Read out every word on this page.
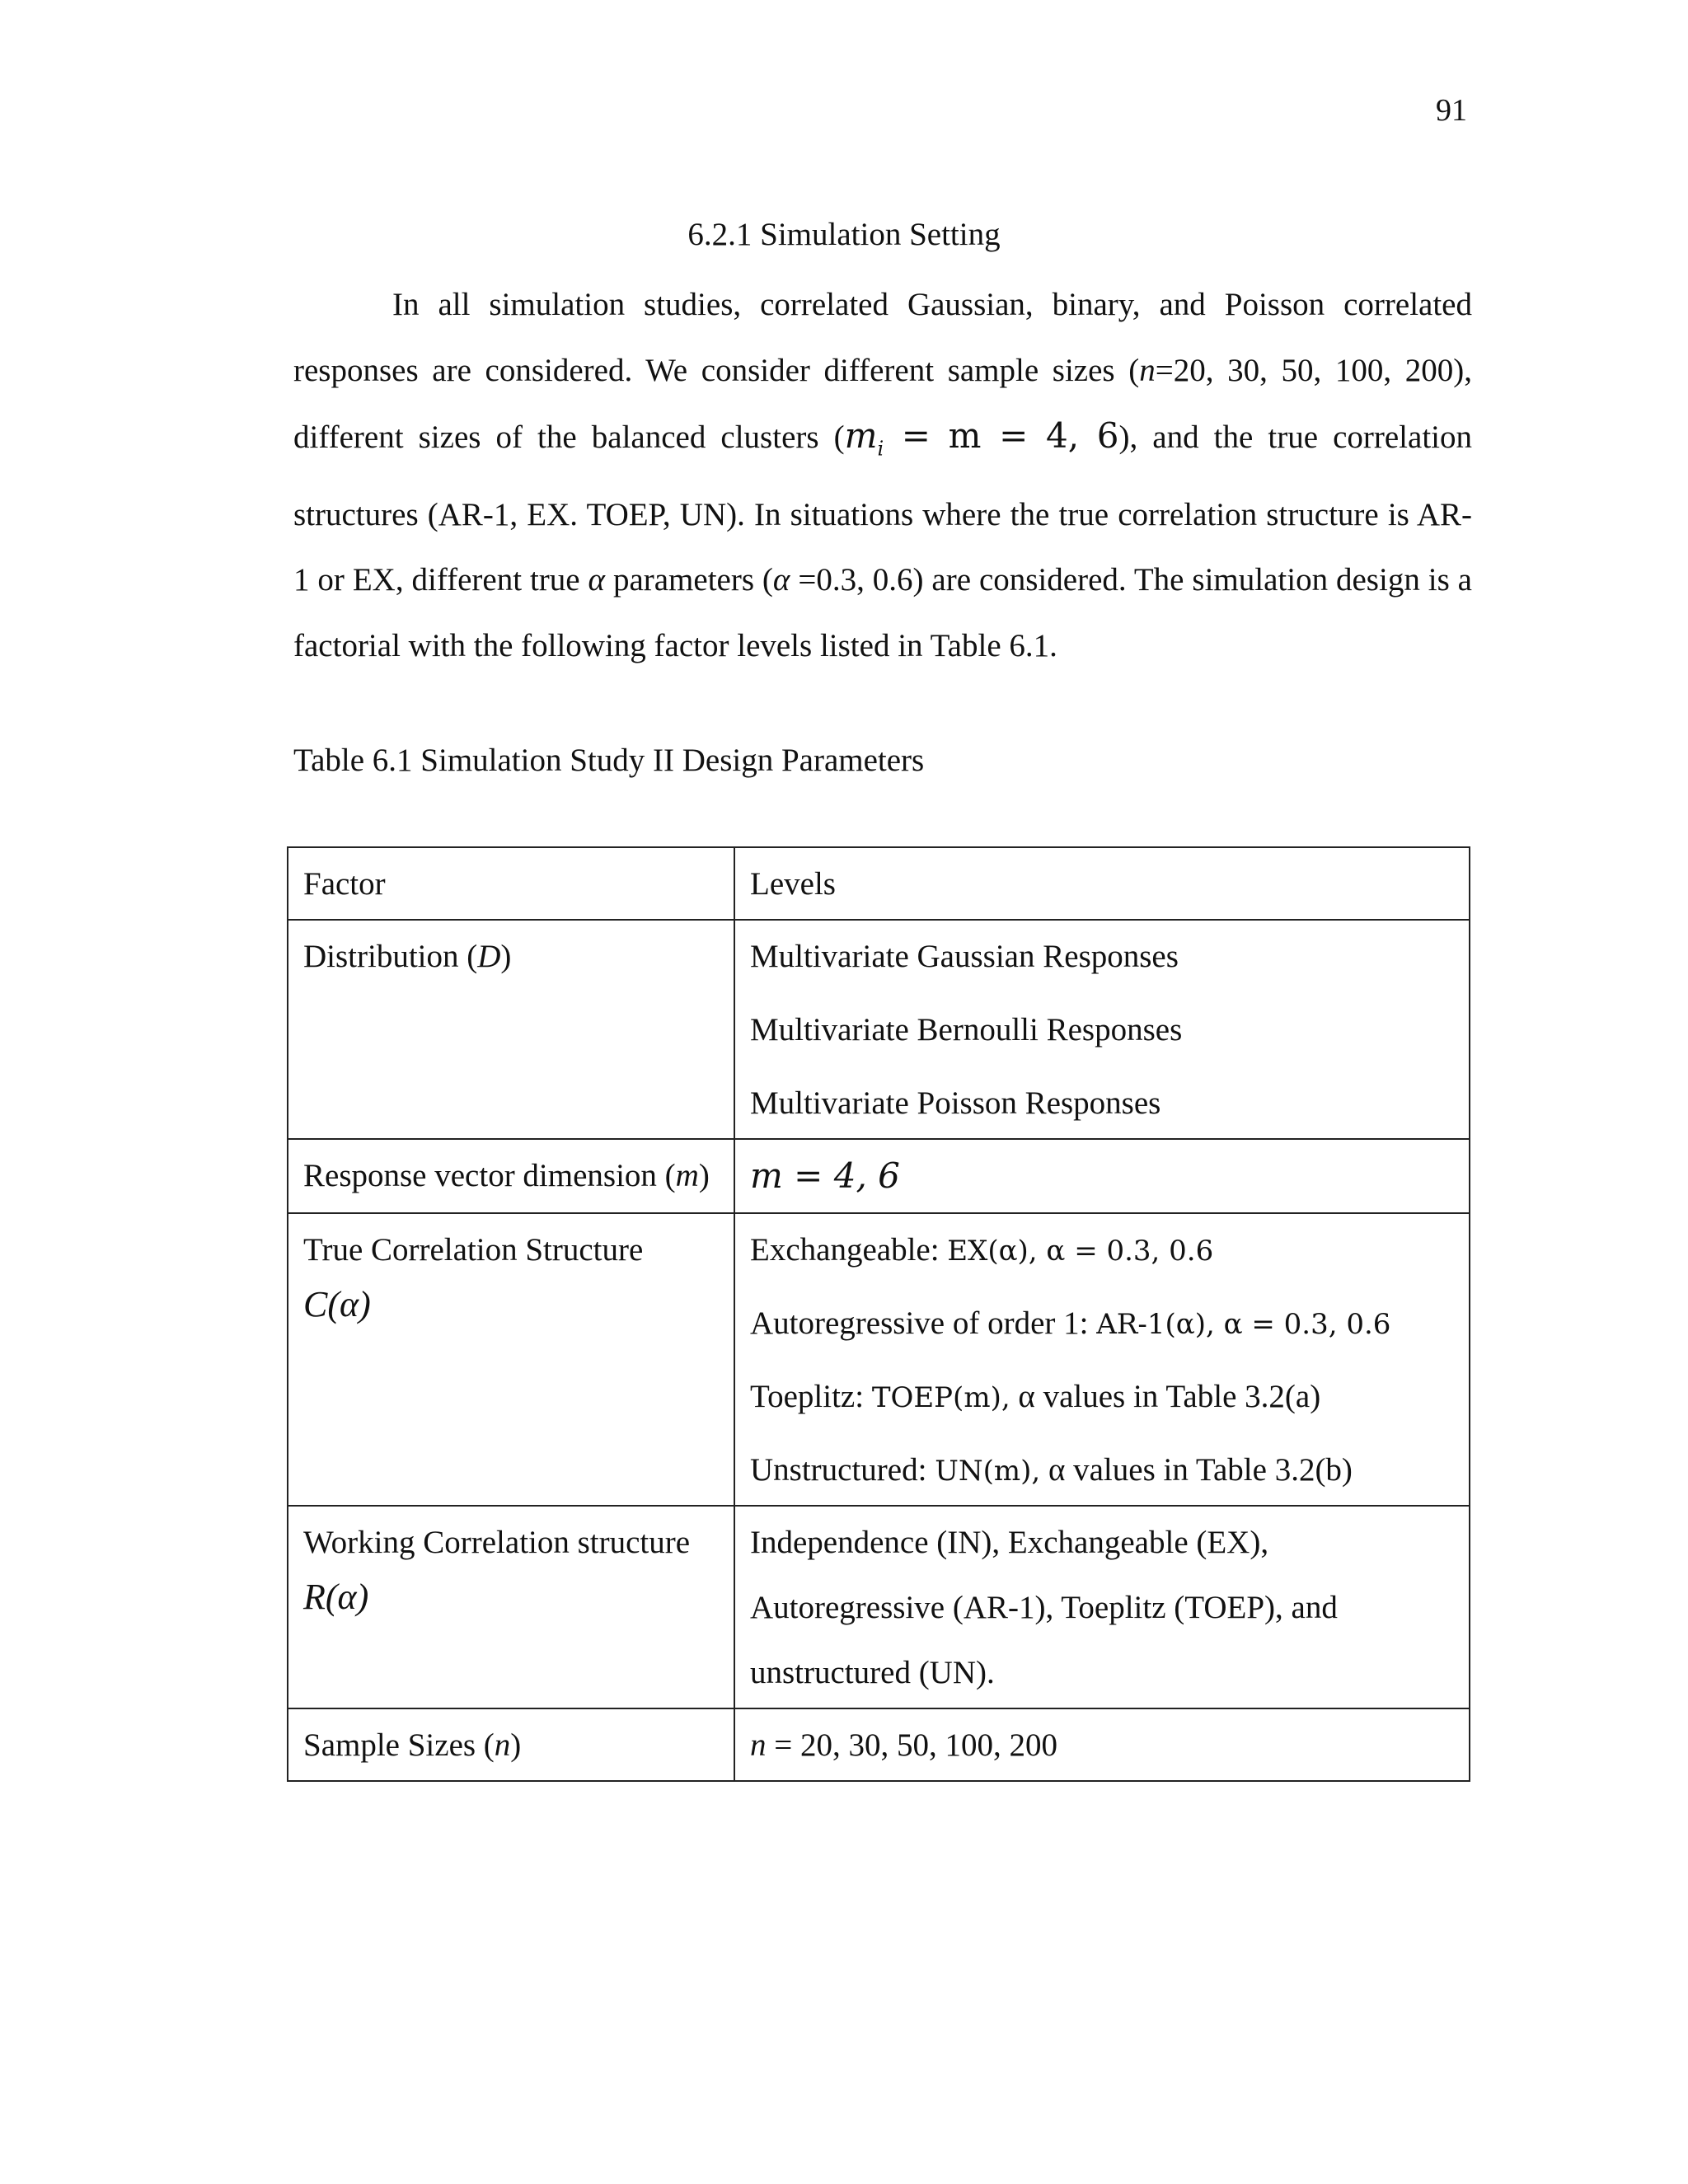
91
6.2.1 Simulation Setting

In all simulation studies, correlated Gaussian, binary, and Poisson correlated responses are considered. We consider different sample sizes (n=20, 30, 50, 100, 200), different sizes of the balanced clusters ($m_i = m = 4$, 6), and the true correlation structures (AR-1, EX. TOEP, UN). In situations where the true correlation structure is AR-1 or EX, different true α parameters (α =0.3, 0.6) are considered. The simulation design is a factorial with the following factor levels listed in Table 6.1.

Table 6.1 Simulation Study II Design Parameters
Factor	Levels
Distribution (D)	Multivariate Gaussian Responses
Multivariate Bernoulli Responses
Multivariate Poisson Responses

Response vector dimension (m)	m = 4, 6

True Correlation Structure
C(α)	Exchangeable: EX(α), α = 0.3, 0.6
Autoregressive of order 1: AR-1(α), α = 0.3, 0.6
Toeplitz: TOEP(m), α values in Table 3.2(a)
Unstructured: UN(m), α values in Table 3.2(b)

Working Correlation structure
R(α)	Independence (IN), Exchangeable (EX),
Autoregressive (AR-1), Toeplitz (TOEP), and
unstructured (UN).

Sample Sizes (n)	n = 20, 30, 50, 100, 200
